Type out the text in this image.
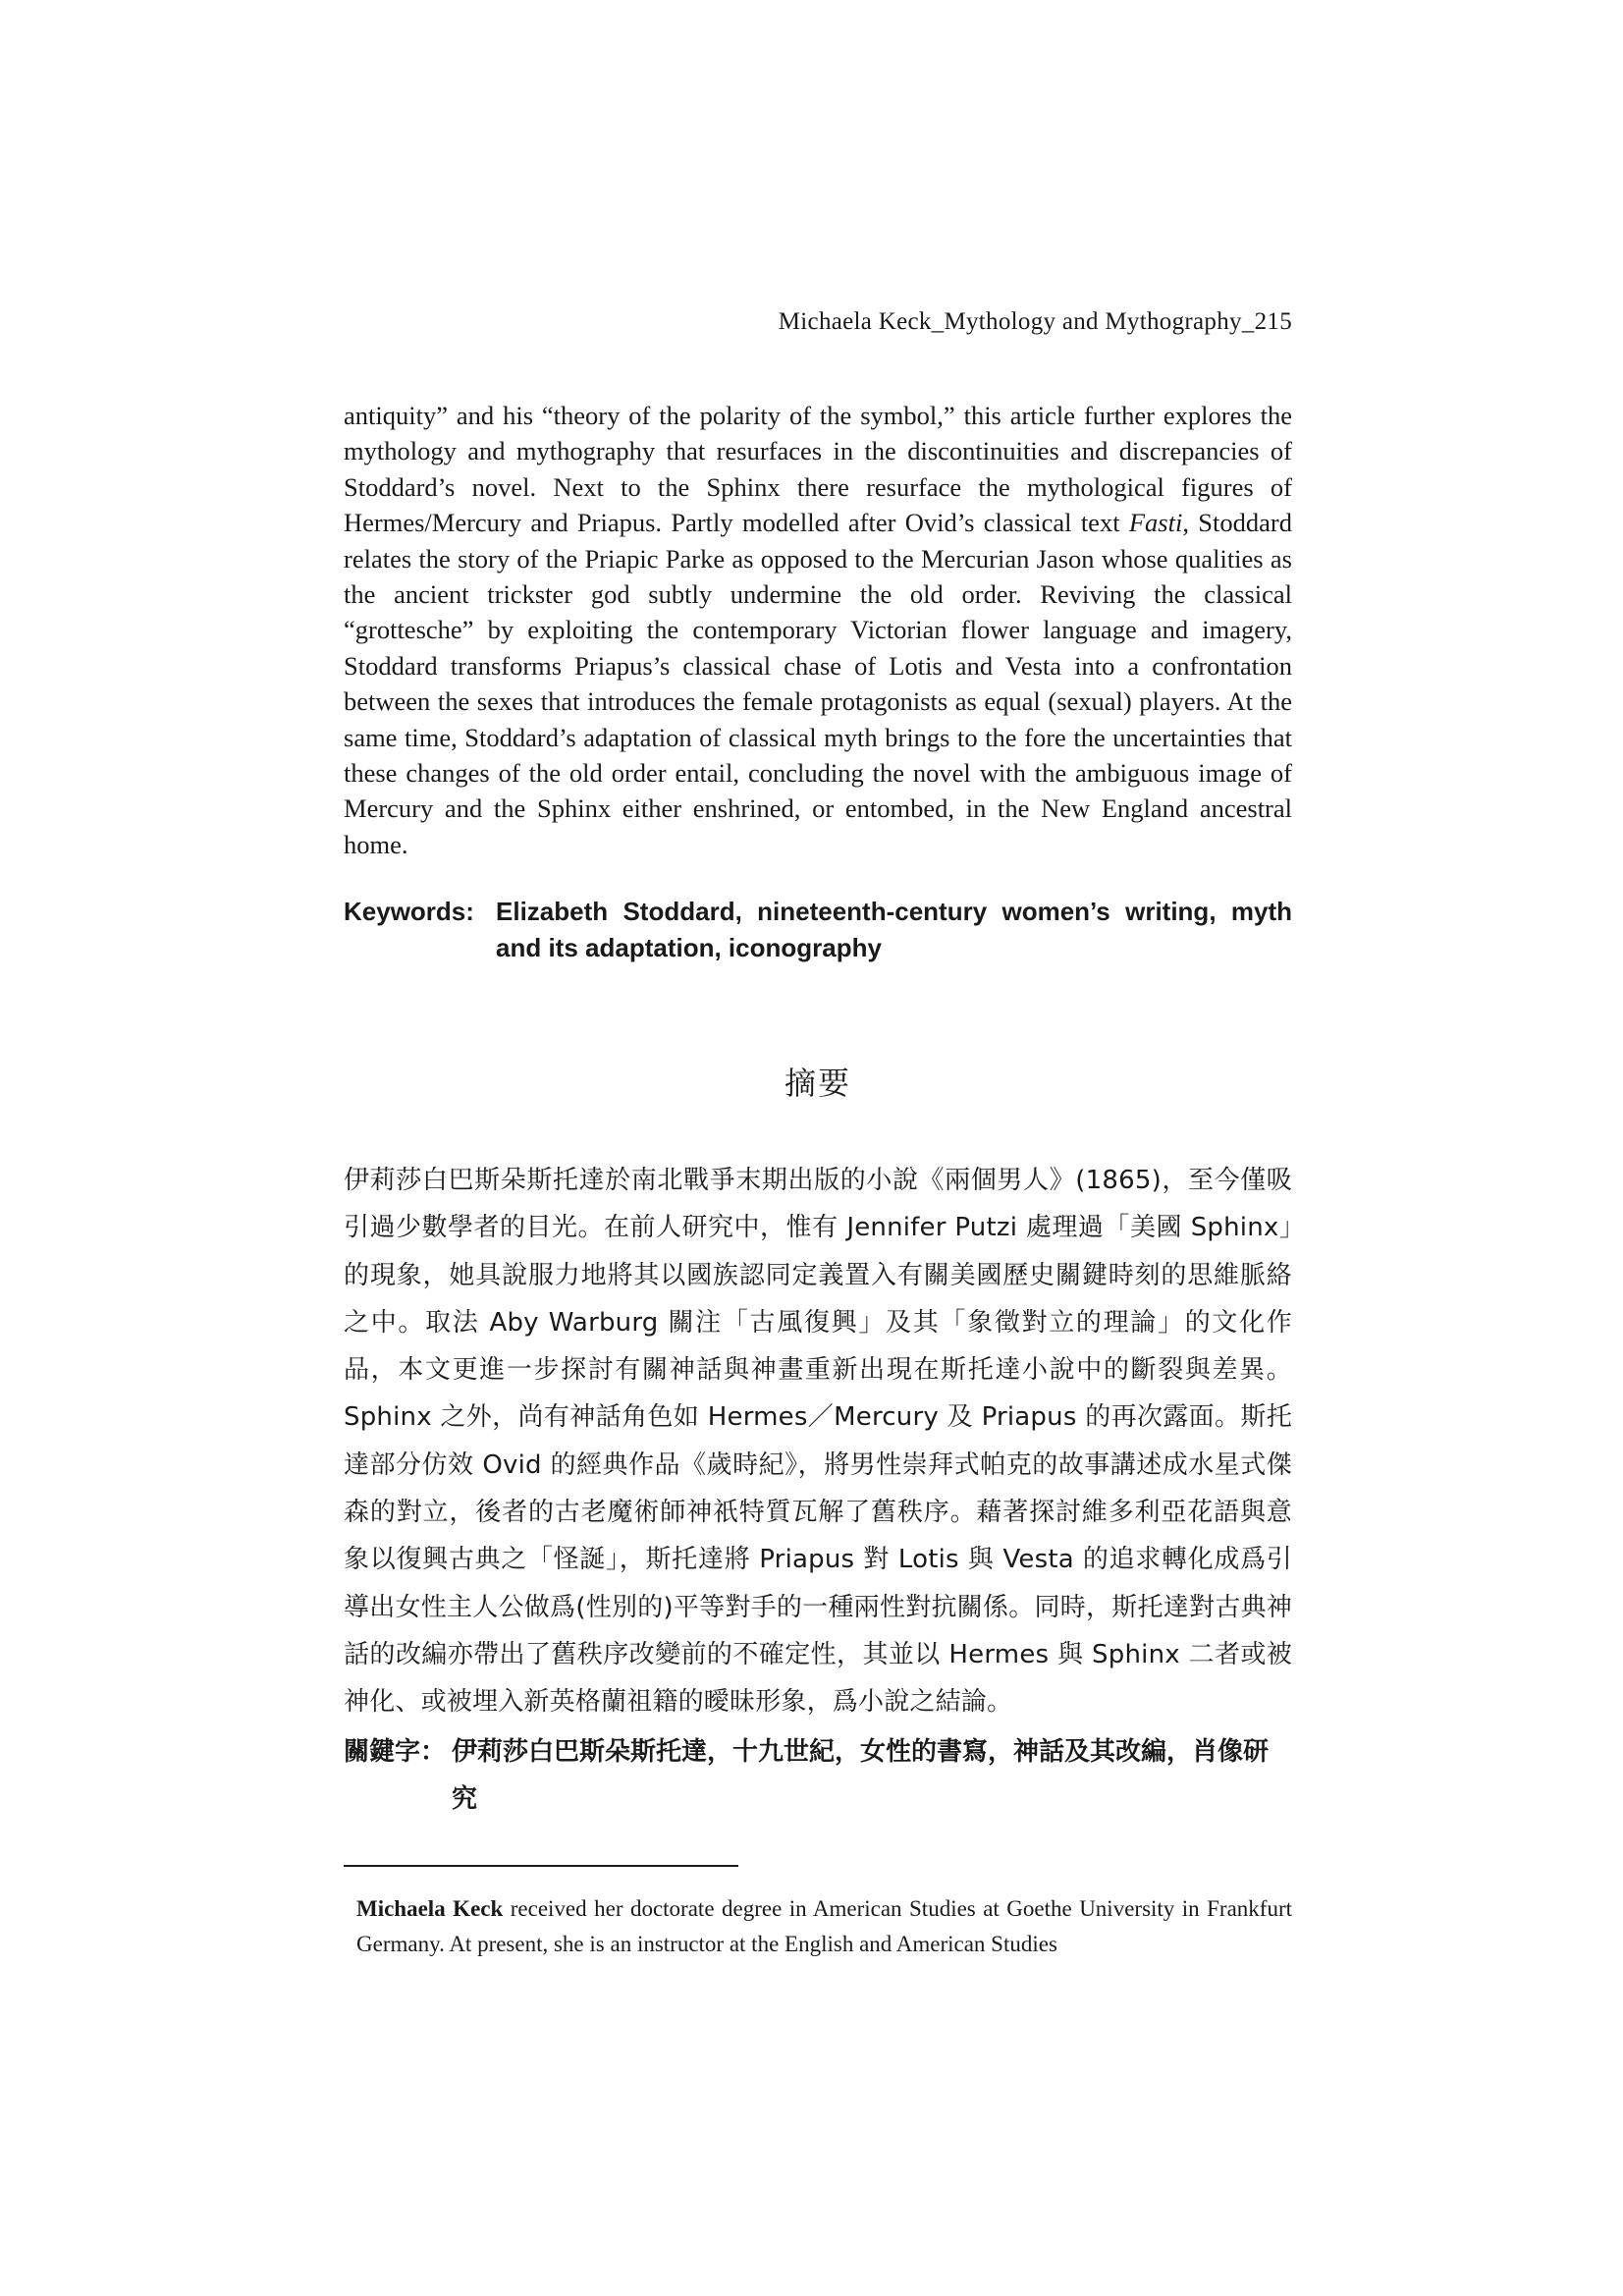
Michaela Keck_Mythology and Mythography_215

antiquity” and his “theory of the polarity of the symbol,” this article further explores the mythology and mythography that resurfaces in the discontinuities and discrepancies of Stoddard’s novel. Next to the Sphinx there resurface the mythological figures of Hermes/Mercury and Priapus. Partly modelled after Ovid’s classical text Fasti, Stoddard relates the story of the Priapic Parke as opposed to the Mercurian Jason whose qualities as the ancient trickster god subtly undermine the old order. Reviving the classical “grottesche” by exploiting the contemporary Victorian flower language and imagery, Stoddard transforms Priapus’s classical chase of Lotis and Vesta into a confrontation between the sexes that introduces the female protagonists as equal (sexual) players. At the same time, Stoddard’s adaptation of classical myth brings to the fore the uncertainties that these changes of the old order entail, concluding the novel with the ambiguous image of Mercury and the Sphinx either enshrined, or entombed, in the New England ancestral home.

Keywords: Elizabeth Stoddard, nineteenth-century women’s writing, myth and its adaptation, iconography
摘要

伊莉莎白巴斯朵斯托達於南北戰爭末期出版的小說《兩個男人》(1865)，至今僅吸引過少數學者的目光。在前人研究中，惟有 Jennifer Putzi 處理過「美國 Sphinx」的現象，她具說服力地將其以國族認同定義置入有關美國歷史關鍵時刻的思維脈絡之中。取法 Aby Warburg 關注「古風復興」及其「象徵對立的理論」的文化作品，本文更進一步探討有關神話與神畫重新出現在斯托達小說中的斷裂與差異。Sphinx 之外，尚有神話角色如 Hermes／Mercury 及 Priapus 的再次露面。斯托達部分仿效 Ovid 的經典作品《歲時紀》，將男性崇拜式帕克的故事講述成水星式傑森的對立，後者的古老魔術師神祇特質瓦解了舊秩序。藉著探討維多利亞花語與意象以復興古典之「怪誕」，斯托達將 Priapus 對 Lotis 與 Vesta 的追求轉化成爲引導出女性主人公做爲(性別的)平等對手的一種兩性對抗關係。同時，斯托達對古典神話的改編亦帶出了舊秩序改變前的不確定性，其並以 Hermes 與 Sphinx 二者或被神化、或被埋入新英格蘭祖籍的曖昧形象，爲小說之結論。

關鍵字： 伊莉莎白巴斯朵斯托達，十九世紀，女性的書寫，神話及其改編，肖像研究

Michaela Keck received her doctorate degree in American Studies at Goethe University in Frankfurt Germany. At present, she is an instructor at the English and American Studies
